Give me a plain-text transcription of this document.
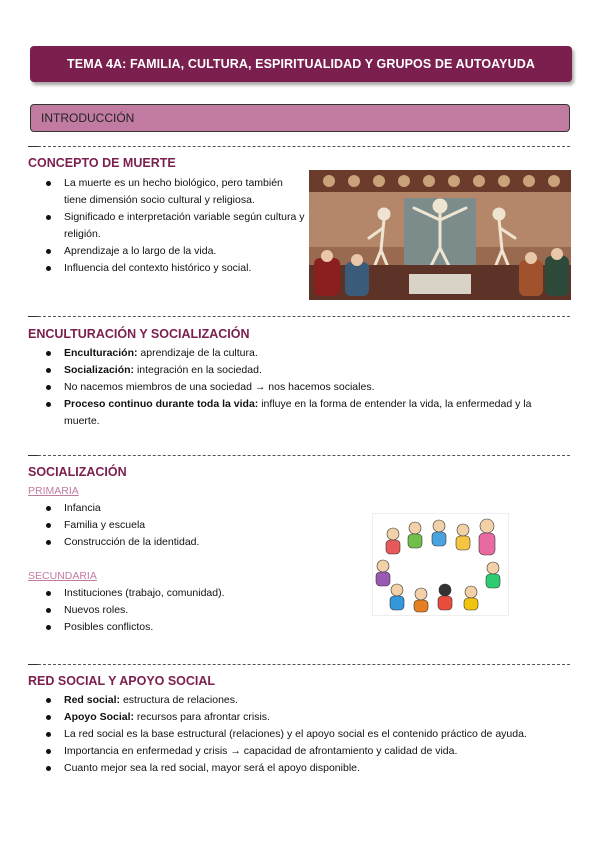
TEMA 4A: FAMILIA, CULTURA, ESPIRITUALIDAD Y GRUPOS DE AUTOAYUDA
INTRODUCCIÓN
CONCEPTO DE MUERTE
La muerte es un hecho biológico, pero también tiene dimensión socio cultural y religiosa.
Significado e interpretación variable según cultura y religión.
Aprendizaje a lo largo de la vida.
Influencia del contexto histórico y social.
ENCULTURACIÓN Y SOCIALIZACIÓN
Enculturación: aprendizaje de la cultura.
Socialización: integración en la sociedad.
No nacemos miembros de una sociedad → nos hacemos sociales.
Proceso continuo durante toda la vida: influye en la forma de entender la vida, la enfermedad y la muerte.
SOCIALIZACIÓN

PRIMARIA

Infancia
Familia y escuela
Construcción de la identidad.

SECUNDARIA

Instituciones (trabajo, comunidad).
Nuevos roles.
Posibles conflictos.
RED SOCIAL Y APOYO SOCIAL
Red social: estructura de relaciones.
Apoyo Social: recursos para afrontar crisis.
La red social es la base estructural (relaciones) y el apoyo social es el contenido práctico de ayuda.
Importancia en enfermedad y crisis → capacidad de afrontamiento y calidad de vida.
Cuanto mejor sea la red social, mayor será el apoyo disponible.
